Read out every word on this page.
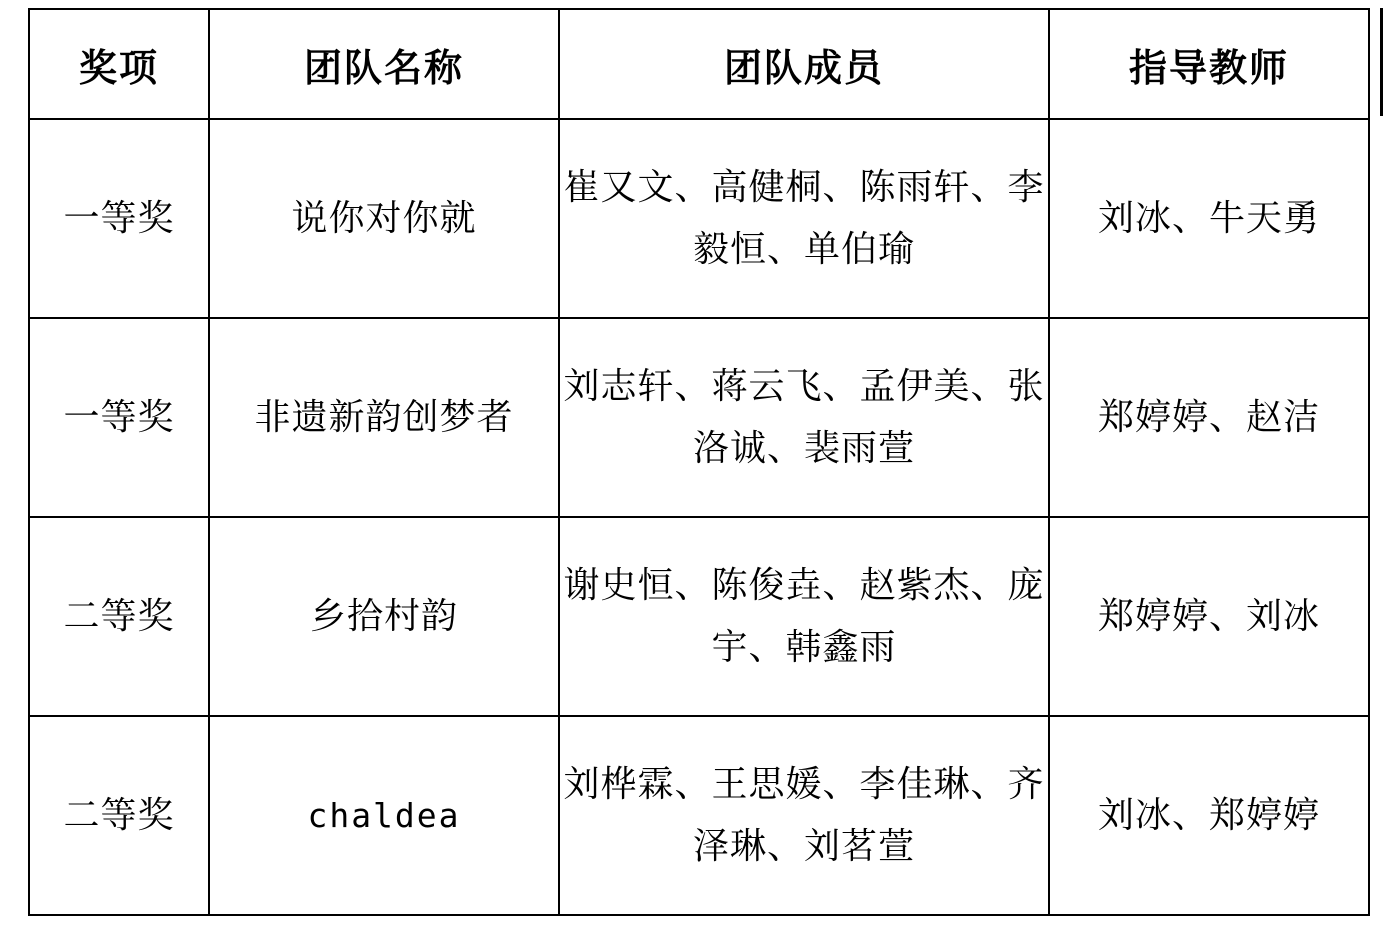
奖项	团队名称	团队成员	指导教师
一等奖	说你对你就	崔又文、高健桐、陈雨轩、李毅恒、单伯瑜	刘冰、牛天勇
一等奖	非遗新韵创梦者	刘志轩、蒋云飞、孟伊美、张洛诚、裴雨萱	郑婷婷、赵洁
二等奖	乡拾村韵	谢史恒、陈俊垚、赵紫杰、庞宇、韩鑫雨	郑婷婷、刘冰
二等奖	chaldea	刘桦霖、王思媛、李佳琳、齐泽琳、刘茗萱	刘冰、郑婷婷
